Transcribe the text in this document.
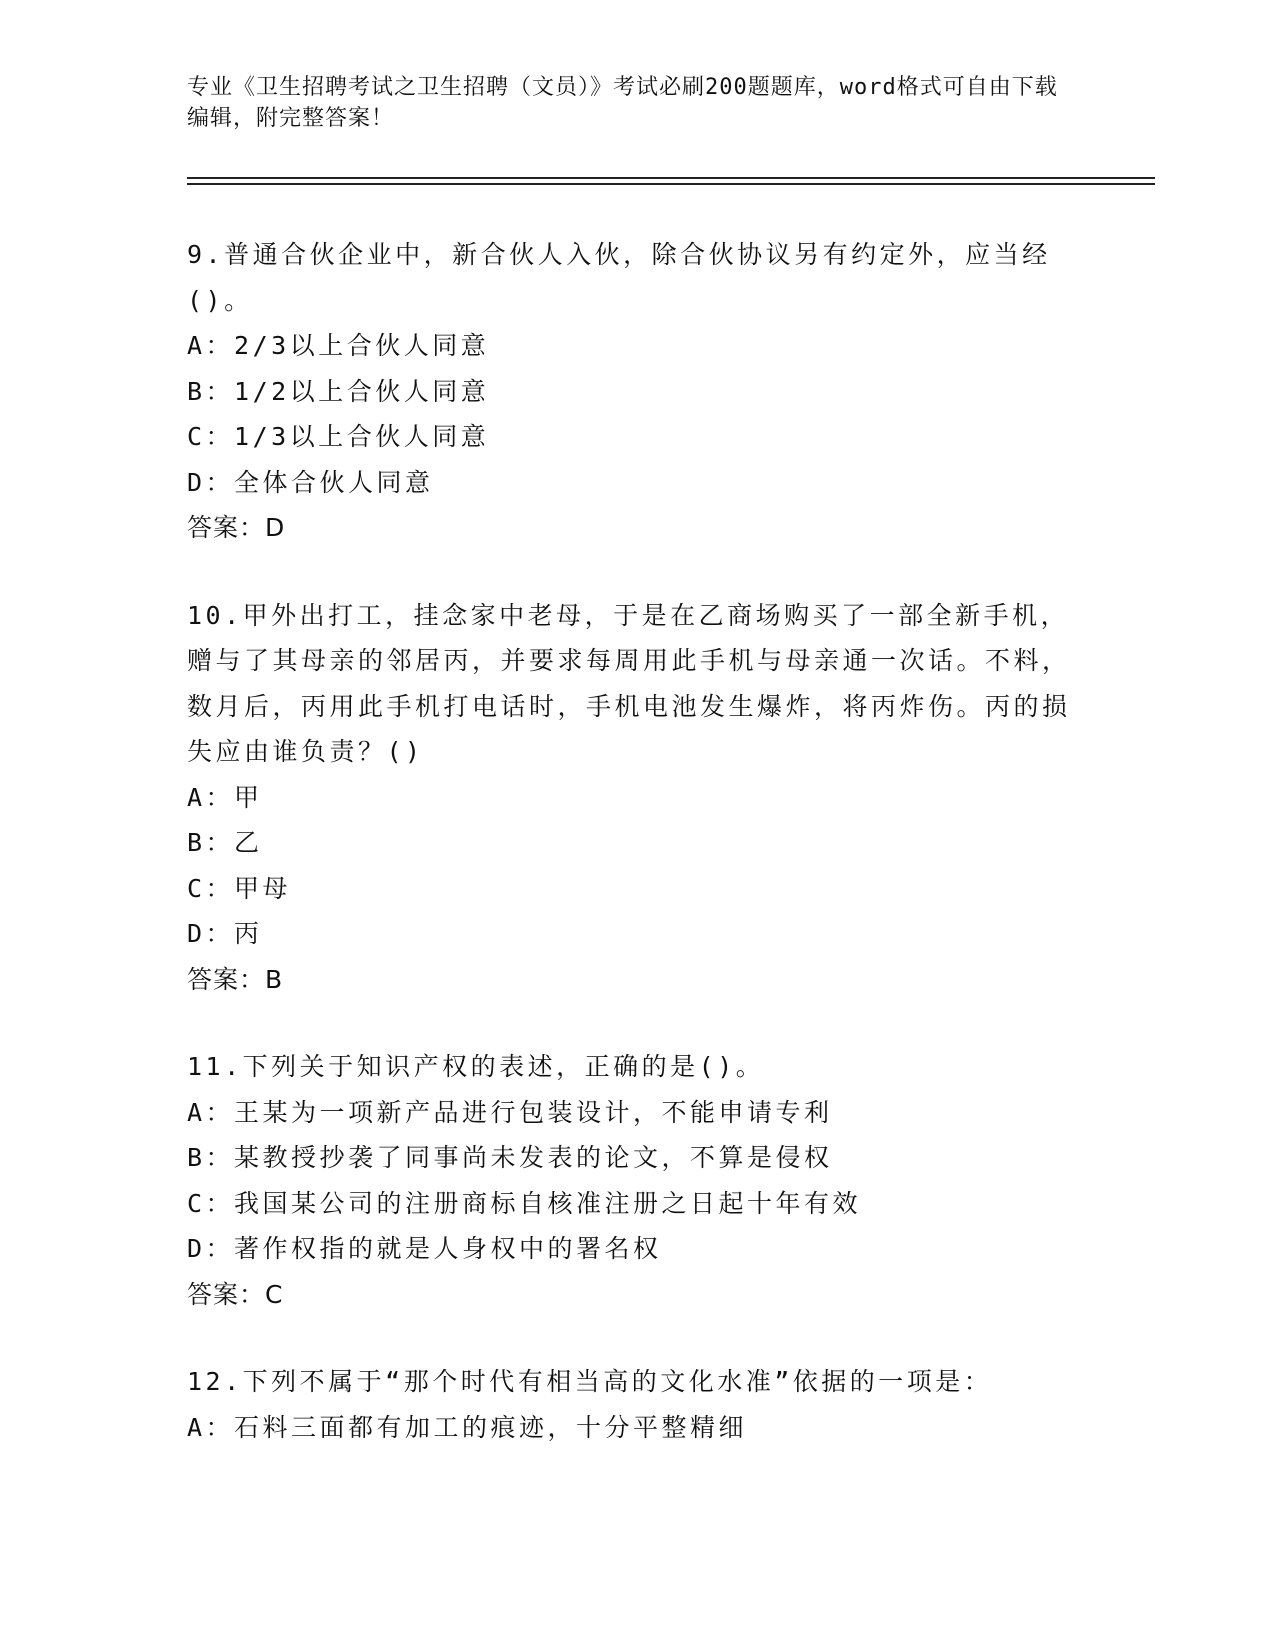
专业《卫生招聘考试之卫生招聘（文员）》考试必刷200题题库，word格式可自由下载编辑，附完整答案！
9.普通合伙企业中，新合伙人入伙，除合伙协议另有约定外，应当经()。
A：2/3以上合伙人同意
B：1/2以上合伙人同意
C：1/3以上合伙人同意
D：全体合伙人同意
答案：D
10.甲外出打工，挂念家中老母，于是在乙商场购买了一部全新手机，赠与了其母亲的邻居丙，并要求每周用此手机与母亲通一次话。不料，数月后，丙用此手机打电话时，手机电池发生爆炸，将丙炸伤。丙的损失应由谁负责？()
A：甲
B：乙
C：甲母
D：丙
答案：B
11.下列关于知识产权的表述，正确的是()。
A：王某为一项新产品进行包装设计，不能申请专利
B：某教授抄袭了同事尚未发表的论文，不算是侵权
C：我国某公司的注册商标自核准注册之日起十年有效
D：著作权指的就是人身权中的署名权
答案：C
12.下列不属于“那个时代有相当高的文化水准”依据的一项是：
A：石料三面都有加工的痕迹，十分平整精细
